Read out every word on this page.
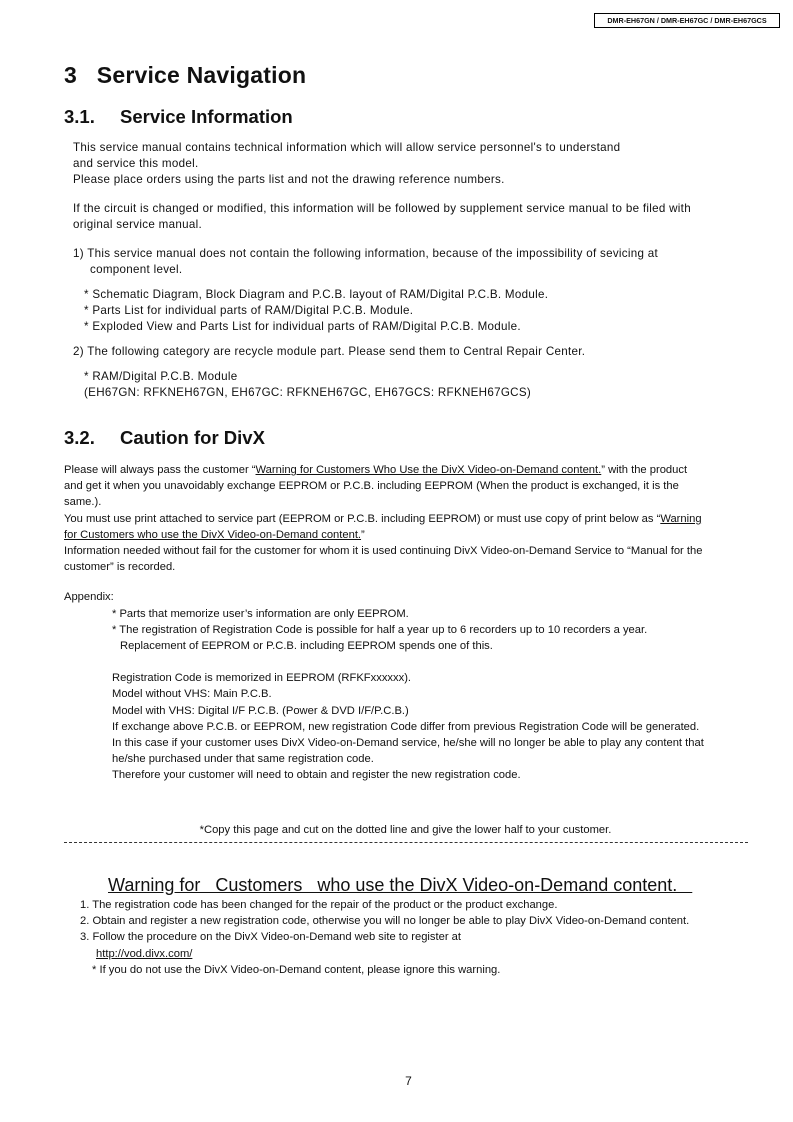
DMR-EH67GN / DMR-EH67GC / DMR-EH67GCS
3 Service Navigation
3.1. Service Information

This service manual contains technical information which will allow service personnel's to understand

and service this model.

Please place orders using the parts list and not the drawing reference numbers.

If the circuit is changed or modified, this information will be followed by supplement service manual to be filed with

original service manual.

1) This service manual does not contain the following information, because of the impossibility of sevicing at

component level.

* Schematic Diagram, Block Diagram and P.C.B. layout of RAM/Digital P.C.B. Module.

* Parts List for individual parts of RAM/Digital P.C.B. Module.

* Exploded View and Parts List for individual parts of RAM/Digital P.C.B. Module.

2) The following category are recycle module part. Please send them to Central Repair Center.

* RAM/Digital P.C.B. Module

(EH67GN: RFKNEH67GN, EH67GC: RFKNEH67GC, EH67GCS: RFKNEH67GCS)

3.2. Caution for DivX

Please will always pass the customer “Warning for Customers Who Use the DivX Video-on-Demand content.” with the product

and get it when you unavoidably exchange EEPROM or P.C.B. including EEPROM (When the product is exchanged, it is the

same.).

You must use print attached to service part (EEPROM or P.C.B. including EEPROM) or must use copy of print below as “Warning

for Customers who use the DivX Video-on-Demand content.”

Information needed without fail for the customer for whom it is used continuing DivX Video-on-Demand Service to “Manual for the

customer” is recorded.

Appendix:

* Parts that memorize user’s information are only EEPROM.

* The registration of Registration Code is possible for half a year up to 6 recorders up to 10 recorders a year.

Replacement of EEPROM or P.C.B. including EEPROM spends one of this.

Registration Code is memorized in EEPROM (RFKFxxxxxx).

Model without VHS: Main P.C.B.

Model with VHS: Digital I/F P.C.B. (Power & DVD I/F/P.C.B.)

If exchange above P.C.B. or EEPROM, new registration Code differ from previous Registration Code will be generated.

In this case if your customer uses DivX Video-on-Demand service, he/she will no longer be able to play any content that

he/she purchased under that same registration code.

Therefore your customer will need to obtain and register the new registration code.

*Copy this page and cut on the dotted line and give the lower half to your customer.
Warning for   Customers   who use the DivX Video-on-Demand content.

1. The registration code has been changed for the repair of the product or the product exchange.

2. Obtain and register a new registration code, otherwise you will no longer be able to play DivX Video-on-Demand content.

3. Follow the procedure on the DivX Video-on-Demand web site to register at

http://vod.divx.com/

* If you do not use the DivX Video-on-Demand content, please ignore this warning.

7
